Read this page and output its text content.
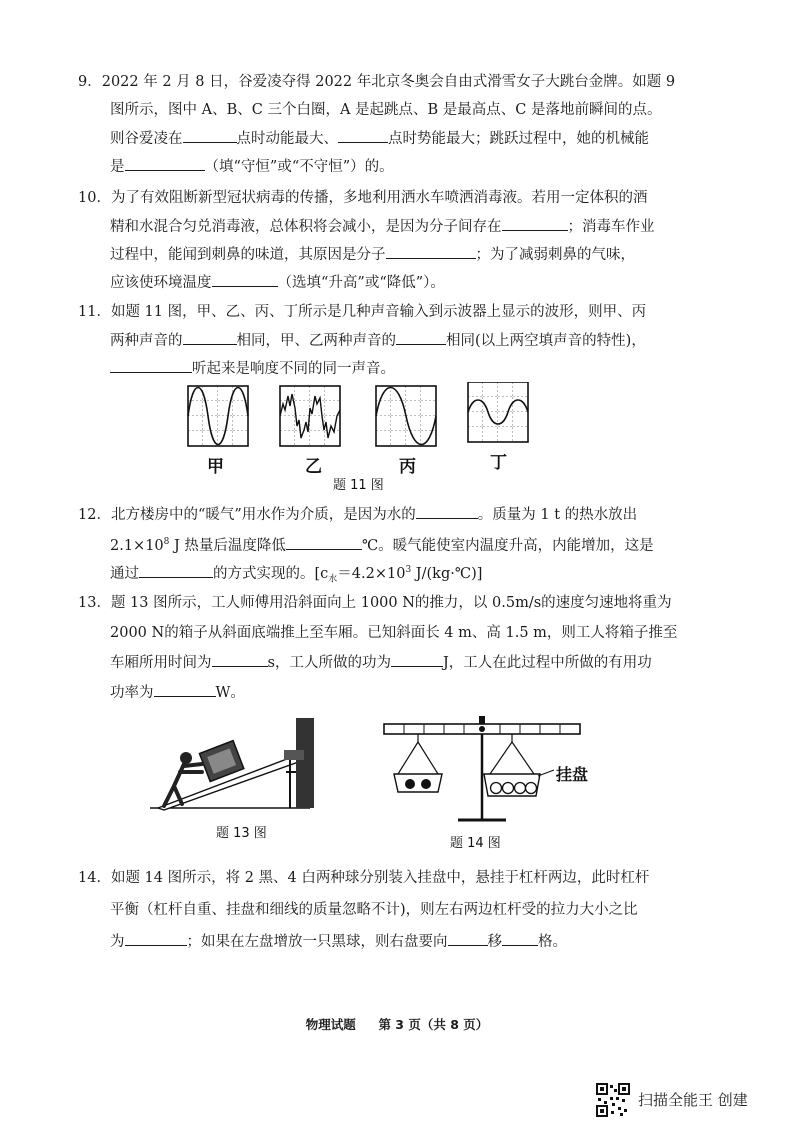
9．2022 年 2 月 8 日，谷爱凌夺得 2022 年北京冬奥会自由式滑雪女子大跳台金牌。如题 9
图所示，图中 A、B、C 三个白圈，A 是起跳点、B 是最高点、C 是落地前瞬间的点。
则谷爱凌在	点时动能最大、	点时势能最大；跳跃过程中，她的机械能
是	（填“守恒”或“不守恒”）的。
10．为了有效阻断新型冠状病毒的传播，多地利用洒水车喷洒消毒液。若用一定体积的酒
精和水混合匀兑消毒液，总体积将会减小，是因为分子间存在	；消毒车作业
过程中，能闻到刺鼻的味道，其原因是分子	；为了减弱刺鼻的气味，
应该使环境温度	（选填“升高”或“降低”）。
11．如题 11 图，甲、乙、丙、丁所示是几种声音输入到示波器上显示的波形，则甲、丙
两种声音的	相同，甲、乙两种声音的	相同(以上两空填声音的特性)，
听起来是响度不同的同一声音。
甲	乙	丙	丁
题 11 图
12．北方楼房中的“暖气”用水作为介质，是因为水的	。质量为 1 t 的热水放出
$2.1\times 10^8$ J 热量后温度降低	℃。暖气能使室内温度升高，内能增加，这是
通过	的方式实现的。[$c_水=4.2\times 10^3$ J/(kg·℃)]
13．题 13 图所示，工人师傅用沿斜面向上 1000 N的推力，以 0.5m/s的速度匀速地将重为
2000 N的箱子从斜面底端推上至车厢。已知斜面长 4 m、高 1.5 m，则工人将箱子推至
车厢所用时间为	s，工人所做的功为	J，工人在此过程中所做的有用功
功率为	W。
题 13 图
挂盘
题 14 图
14．如题 14 图所示，将 2 黑、4 白两种球分别装入挂盘中，悬挂于杠杆两边，此时杠杆
平衡（杠杆自重、挂盘和细线的质量忽略不计)，则左右两边杠杆受的拉力大小之比
为	；如果在左盘增放一只黑球，则右盘要向	移 格。
物理试题 第 3 页（共 8 页）
扫描全能王 创建
